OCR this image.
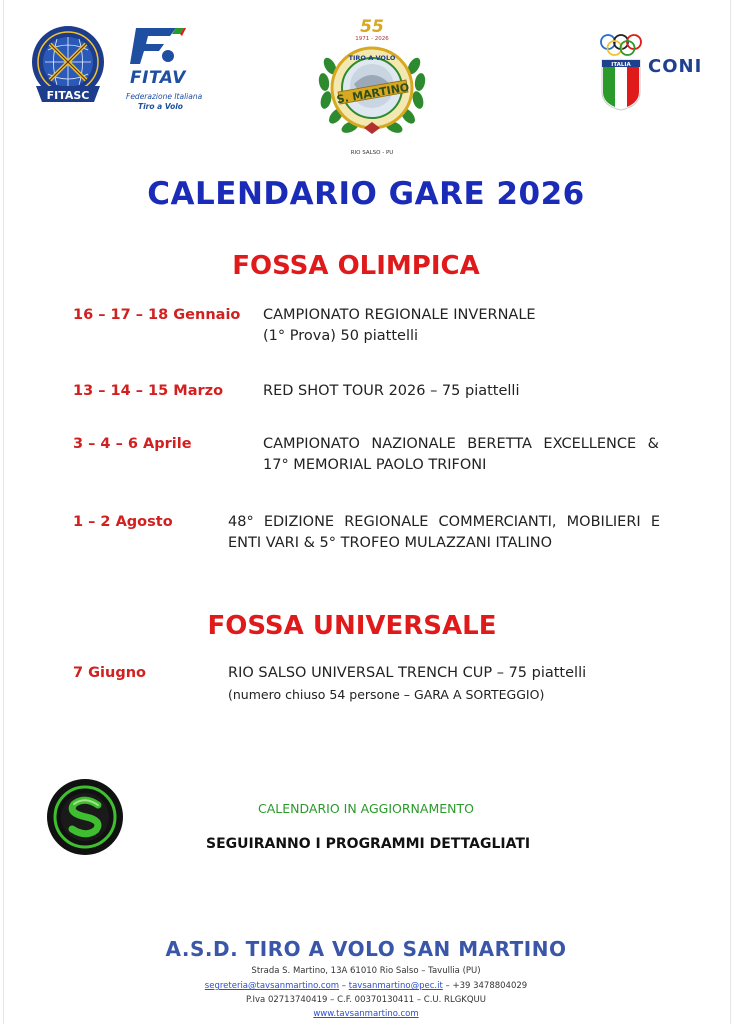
FITASC
FITAV
Federazione Italiana
Tiro a Volo
55
1971 - 2026
TIRO A VOLO
S. MARTINO
RIO SALSO - PU
ITALIA CONI
CALENDARIO GARE 2026
FOSSA OLIMPICA
16 – 17 – 18 Gennaio CAMPIONATO REGIONALE INVERNALE
(1° Prova) 50 piattelli
13 – 14 – 15 Marzo	RED SHOT TOUR 2026 – 75 piattelli
3 – 4 – 6 Aprile	CAMPIONATO NAZIONALE BERETTA EXCELLENCE &
17° MEMORIAL PAOLO TRIFONI
1 – 2 Agosto	48° EDIZIONE REGIONALE COMMERCIANTI, MOBILIERI E
ENTI VARI & 5° TROFEO MULAZZANI ITALINO
FOSSA UNIVERSALE
7 Giugno	RIO SALSO UNIVERSAL TRENCH CUP – 75 piattelli
(numero chiuso 54 persone – GARA A SORTEGGIO)
CALENDARIO IN AGGIORNAMENTO
SEGUIRANNO I PROGRAMMI DETTAGLIATI
A.S.D. TIRO A VOLO SAN MARTINO
Strada S. Martino, 13A 61010 Rio Salso – Tavullia (PU)
segreteria@tavsanmartino.com – tavsanmartino@pec.it – +39 3478804029
P.Iva 02713740419 – C.F. 00370130411 – C.U. RLGKQUU
www.tavsanmartino.com
